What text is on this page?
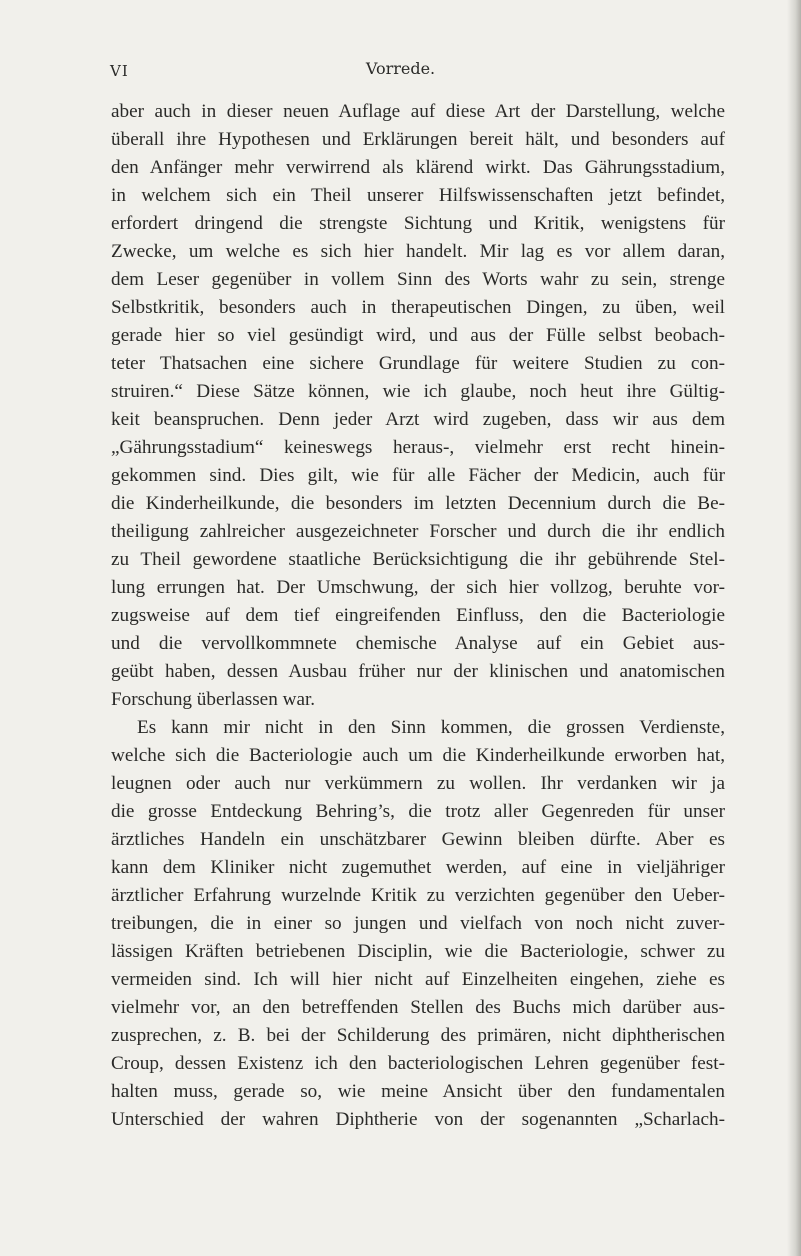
VI	Vorrede.
aber auch in dieser neuen Auflage auf diese Art der Darstellung, welche
überall ihre Hypothesen und Erklärungen bereit hält, und besonders auf
den Anfänger mehr verwirrend als klärend wirkt. Das Gährungsstadium,
in welchem sich ein Theil unserer Hilfswissenschaften jetzt befindet,
erfordert dringend die strengste Sichtung und Kritik, wenigstens für
Zwecke, um welche es sich hier handelt. Mir lag es vor allem daran,
dem Leser gegenüber in vollem Sinn des Worts wahr zu sein, strenge
Selbstkritik, besonders auch in therapeutischen Dingen, zu üben, weil
gerade hier so viel gesündigt wird, und aus der Fülle selbst beobach-
teter Thatsachen eine sichere Grundlage für weitere Studien zu con-
struiren.“ Diese Sätze können, wie ich glaube, noch heut ihre Gültig-
keit beanspruchen. Denn jeder Arzt wird zugeben, dass wir aus dem
„Gährungsstadium“ keineswegs heraus-, vielmehr erst recht hinein-
gekommen sind. Dies gilt, wie für alle Fächer der Medicin, auch für
die Kinderheilkunde, die besonders im letzten Decennium durch die Be-
theiligung zahlreicher ausgezeichneter Forscher und durch die ihr endlich
zu Theil gewordene staatliche Berücksichtigung die ihr gebührende Stel-
lung errungen hat. Der Umschwung, der sich hier vollzog, beruhte vor-
zugsweise auf dem tief eingreifenden Einfluss, den die Bacteriologie
und die vervollkommnete chemische Analyse auf ein Gebiet aus-
geübt haben, dessen Ausbau früher nur der klinischen und anatomischen
Forschung überlassen war.
Es kann mir nicht in den Sinn kommen, die grossen Verdienste,
welche sich die Bacteriologie auch um die Kinderheilkunde erworben hat,
leugnen oder auch nur verkümmern zu wollen. Ihr verdanken wir ja
die grosse Entdeckung Behring’s, die trotz aller Gegenreden für unser
ärztliches Handeln ein unschätzbarer Gewinn bleiben dürfte. Aber es
kann dem Kliniker nicht zugemuthet werden, auf eine in vieljähriger
ärztlicher Erfahrung wurzelnde Kritik zu verzichten gegenüber den Ueber-
treibungen, die in einer so jungen und vielfach von noch nicht zuver-
lässigen Kräften betriebenen Disciplin, wie die Bacteriologie, schwer zu
vermeiden sind. Ich will hier nicht auf Einzelheiten eingehen, ziehe es
vielmehr vor, an den betreffenden Stellen des Buchs mich darüber aus-
zusprechen, z. B. bei der Schilderung des primären, nicht diphtherischen
Croup, dessen Existenz ich den bacteriologischen Lehren gegenüber fest-
halten muss, gerade so, wie meine Ansicht über den fundamentalen
Unterschied der wahren Diphtherie von der sogenannten „Scharlach-
